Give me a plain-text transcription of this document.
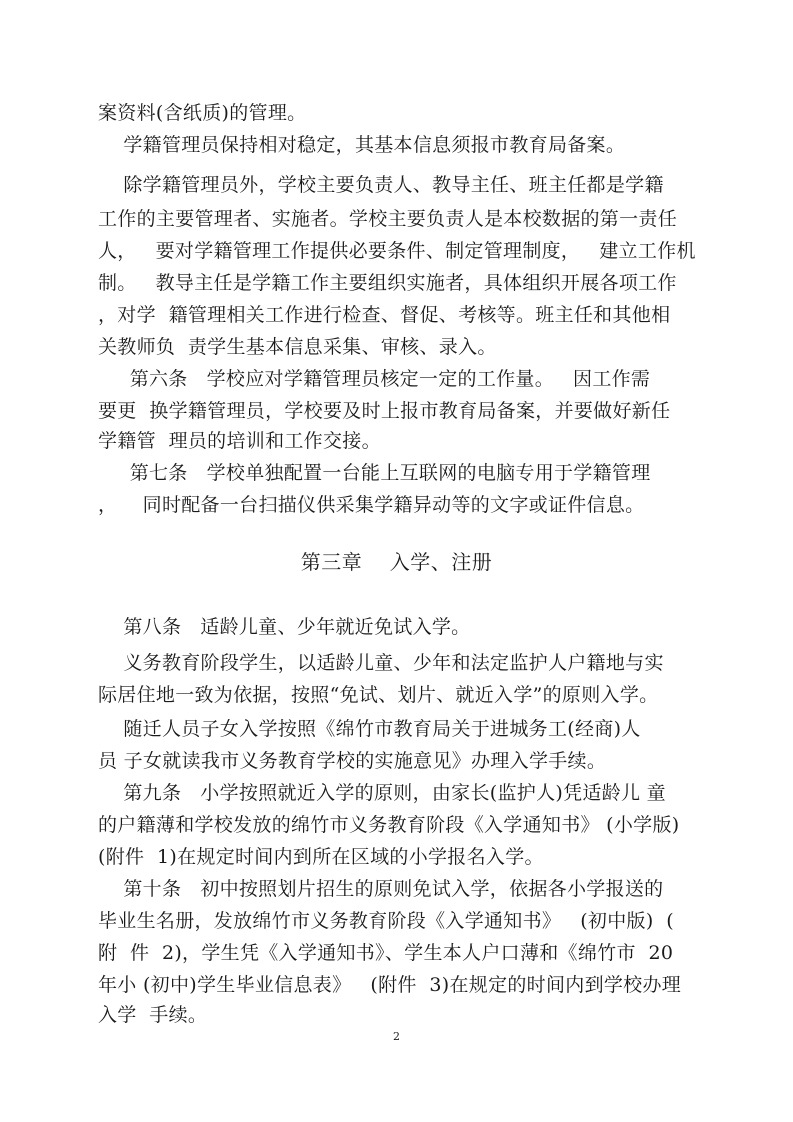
案资料(含纸质)的管理。
学籍管理员保持相对稳定，其基本信息须报市教育局备案。
除学籍管理员外，学校主要负责人、教导主任、班主任都是学籍
工作的主要管理者、实施者。学校主要负责人是本校数据的第一责任
人，   要对学籍管理工作提供必要条件、制定管理制度，   建立工作机
制。   教导主任是学籍工作主要组织实施者，具体组织开展各项工作
，对学  籍管理相关工作进行检查、督促、考核等。班主任和其他相
关教师负  责学生基本信息采集、审核、录入。
第六条   学校应对学籍管理员核定一定的工作量。   因工作需
要更  换学籍管理员，学校要及时上报市教育局备案，并要做好新任
学籍管  理员的培训和工作交接。
第七条   学校单独配置一台能上互联网的电脑专用于学籍管理
，    同时配备一台扫描仪供采集学籍异动等的文字或证件信息。
第三章    入学、注册
第八条   适龄儿童、少年就近免试入学。
义务教育阶段学生，以适龄儿童、少年和法定监护人户籍地与实
际居住地一致为依据，按照“免试、划片、就近入学”的原则入学。
随迁人员子女入学按照《绵竹市教育局关于进城务工(经商)人
员 子女就读我市义务教育学校的实施意见》办理入学手续。
第九条   小学按照就近入学的原则，由家长(监护人)凭适龄儿 童
的户籍薄和学校发放的绵竹市义务教育阶段《入学通知书》 (小学版)
(附件  1)在规定时间内到所在区域的小学报名入学。
第十条   初中按照划片招生的原则免试入学，依据各小学报送的
毕业生名册，发放绵竹市义务教育阶段《入学通知书》   (初中版)  (
附  件  2)，学生凭《入学通知书》、学生本人户口薄和《绵竹市  20
年小 (初中)学生毕业信息表》   (附件  3)在规定的时间内到学校办理
入学  手续。
2
